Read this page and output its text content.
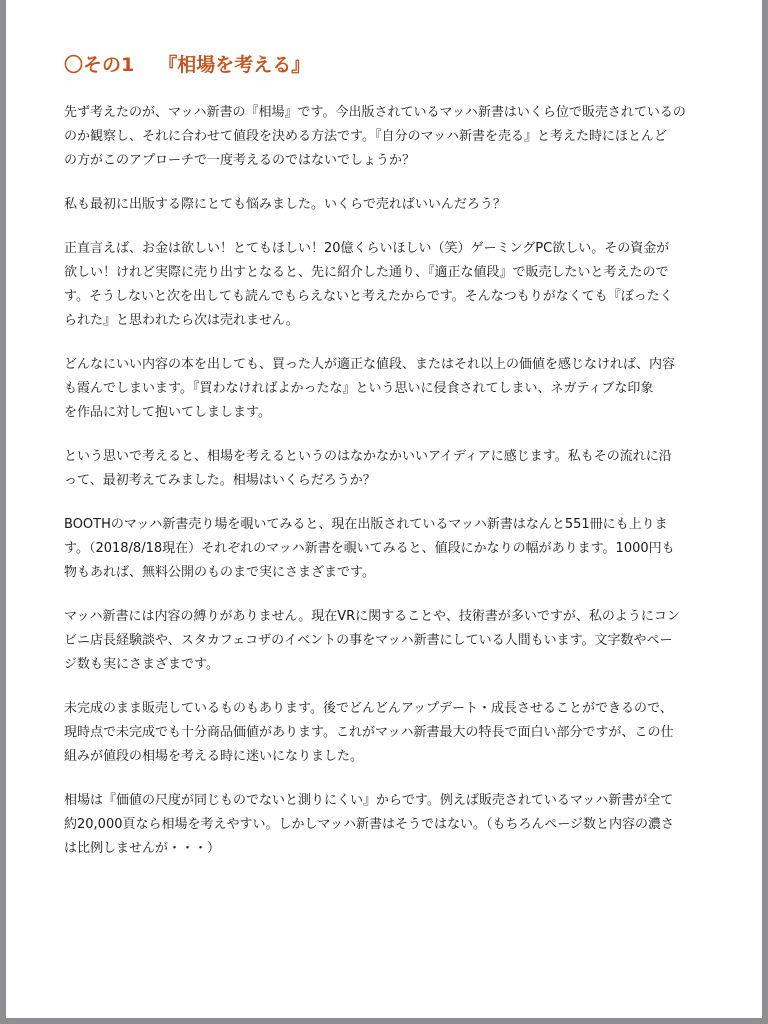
〇その1 『相場を考える』

先ず考えたのが、マッハ新書の『相場』です。今出版されているマッハ新書はいくら位で販売されているの
のか観察し、それに合わせて値段を決める方法です。『自分のマッハ新書を売る』と考えた時にほとんど
の方がこのアプローチで一度考えるのではないでしょうか？

私も最初に出版する際にとても悩みました。いくらで売ればいいんだろう？

正直言えば、お金は欲しい！とてもほしい！20億くらいほしい（笑）ゲーミングPC欲しい。その資金が
欲しい！けれど実際に売り出すとなると、先に紹介した通り、『適正な値段』で販売したいと考えたので
す。そうしないと次を出しても読んでもらえないと考えたからです。そんなつもりがなくても『ぼったく
られた』と思われたら次は売れません。

どんなにいい内容の本を出しても、買った人が適正な値段、またはそれ以上の価値を感じなければ、内容
も霞んでしまいます。『買わなければよかったな』という思いに侵食されてしまい、ネガティブな印象
を作品に対して抱いてしまします。

という思いで考えると、相場を考えるというのはなかなかいいアイディアに感じます。私もその流れに沿
って、最初考えてみました。相場はいくらだろうか？

BOOTHのマッハ新書売り場を覗いてみると、現在出版されているマッハ新書はなんと551冊にも上りま
す。（2018/8/18現在）それぞれのマッハ新書を覗いてみると、値段にかなりの幅があります。1000円も
物もあれば、無料公開のものまで実にさまざまです。

マッハ新書には内容の縛りがありません。現在VRに関することや、技術書が多いですが、私のようにコン
ビニ店長経験談や、スタカフェコザのイベントの事をマッハ新書にしている人間もいます。文字数やペー
ジ数も実にさまざまです。

未完成のまま販売しているものもあります。後でどんどんアップデート・成長させることができるので、
現時点で未完成でも十分商品価値があります。これがマッハ新書最大の特長で面白い部分ですが、この仕
組みが値段の相場を考える時に迷いになりました。

相場は『価値の尺度が同じものでないと測りにくい』からです。例えば販売されているマッハ新書が全て
約20,000頁なら相場を考えやすい。しかしマッハ新書はそうではない。（もちろんページ数と内容の濃さ
は比例しませんが・・・）
